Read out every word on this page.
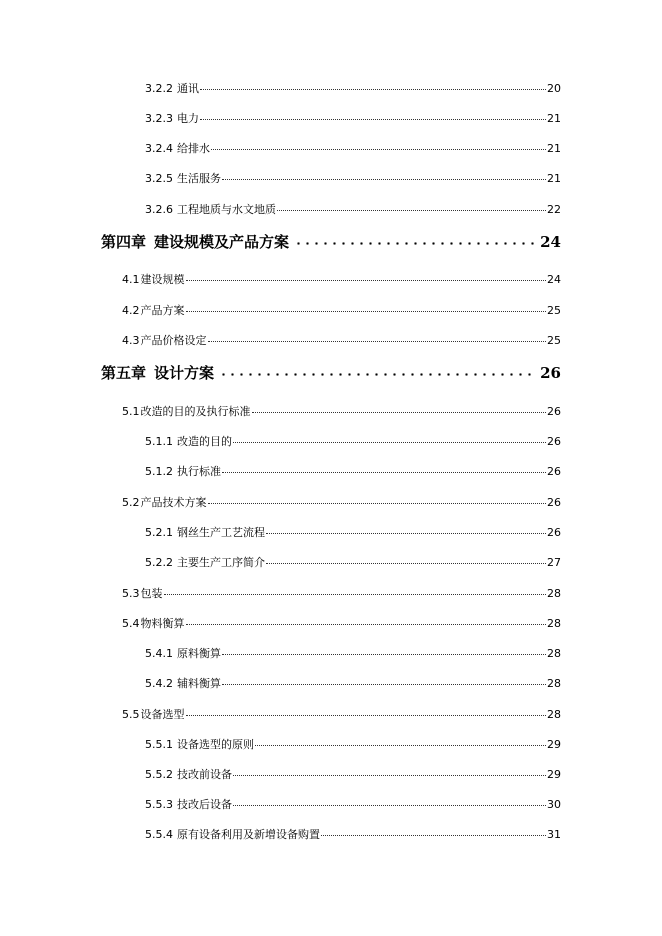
3.2.2 通讯	20
3.2.3 电力	21
3.2.4 给排水	21
3.2.5 生活服务	21
3.2.6 工程地质与水文地质	22
第四章 建设规模及产品方案	24
4.1建设规模	24
4.2产品方案	25
4.3产品价格设定	25
第五章 设计方案	26
5.1改造的目的及执行标准	26
5.1.1 改造的目的	26
5.1.2 执行标准	26
5.2产品技术方案	26
5.2.1 钢丝生产工艺流程	26
5.2.2 主要生产工序简介	27
5.3包装	28
5.4物料衡算	28
5.4.1 原料衡算	28
5.4.2 辅料衡算	28
5.5设备选型	28
5.5.1 设备选型的原则	29
5.5.2 技改前设备	29
5.5.3 技改后设备	30
5.5.4 原有设备利用及新增设备购置	31
